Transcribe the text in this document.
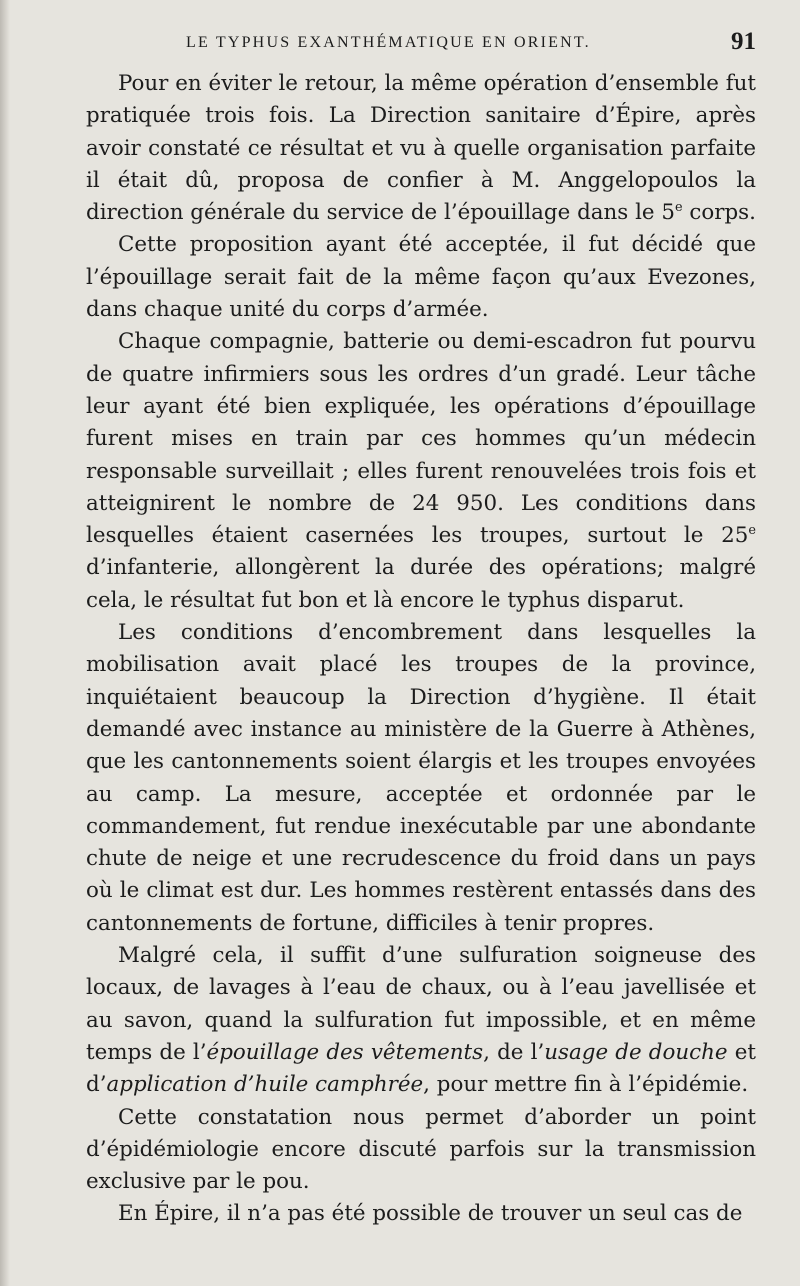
LE TYPHUS EXANTHÉMATIQUE EN ORIENT.	91

Pour en éviter le retour, la même opération d’ensemble fut pratiquée trois fois. La Direction sanitaire d’Épire, après avoir constaté ce résultat et vu à quelle organisation parfaite il était dû, proposa de confier à M. Anggelopoulos la direction générale du service de l’épouillage dans le 5e corps.

Cette proposition ayant été acceptée, il fut décidé que l’épouillage serait fait de la même façon qu’aux Evezones, dans chaque unité du corps d’armée.

Chaque compagnie, batterie ou demi-escadron fut pourvu de quatre infirmiers sous les ordres d’un gradé. Leur tâche leur ayant été bien expliquée, les opérations d’épouillage furent mises en train par ces hommes qu’un médecin responsable surveillait ; elles furent renouvelées trois fois et atteignirent le nombre de 24 950. Les conditions dans lesquelles étaient casernées les troupes, surtout le 25e d’infanterie, allongèrent la durée des opérations; malgré cela, le résultat fut bon et là encore le typhus disparut.

Les conditions d’encombrement dans lesquelles la mobilisation avait placé les troupes de la province, inquiétaient beaucoup la Direction d’hygiène. Il était demandé avec instance au ministère de la Guerre à Athènes, que les cantonnements soient élargis et les troupes envoyées au camp. La mesure, acceptée et ordonnée par le commandement, fut rendue inexécutable par une abondante chute de neige et une recrudescence du froid dans un pays où le climat est dur. Les hommes restèrent entassés dans des cantonnements de fortune, difficiles à tenir propres.

Malgré cela, il suffit d’une sulfuration soigneuse des locaux, de lavages à l’eau de chaux, ou à l’eau javellisée et au savon, quand la sulfuration fut impossible, et en même temps de l’épouillage des vêtements, de l’usage de douche et d’application d’huile camphrée, pour mettre fin à l’épidémie.

Cette constatation nous permet d’aborder un point d’épidémiologie encore discuté parfois sur la transmission exclusive par le pou.

En Épire, il n’a pas été possible de trouver un seul cas de
